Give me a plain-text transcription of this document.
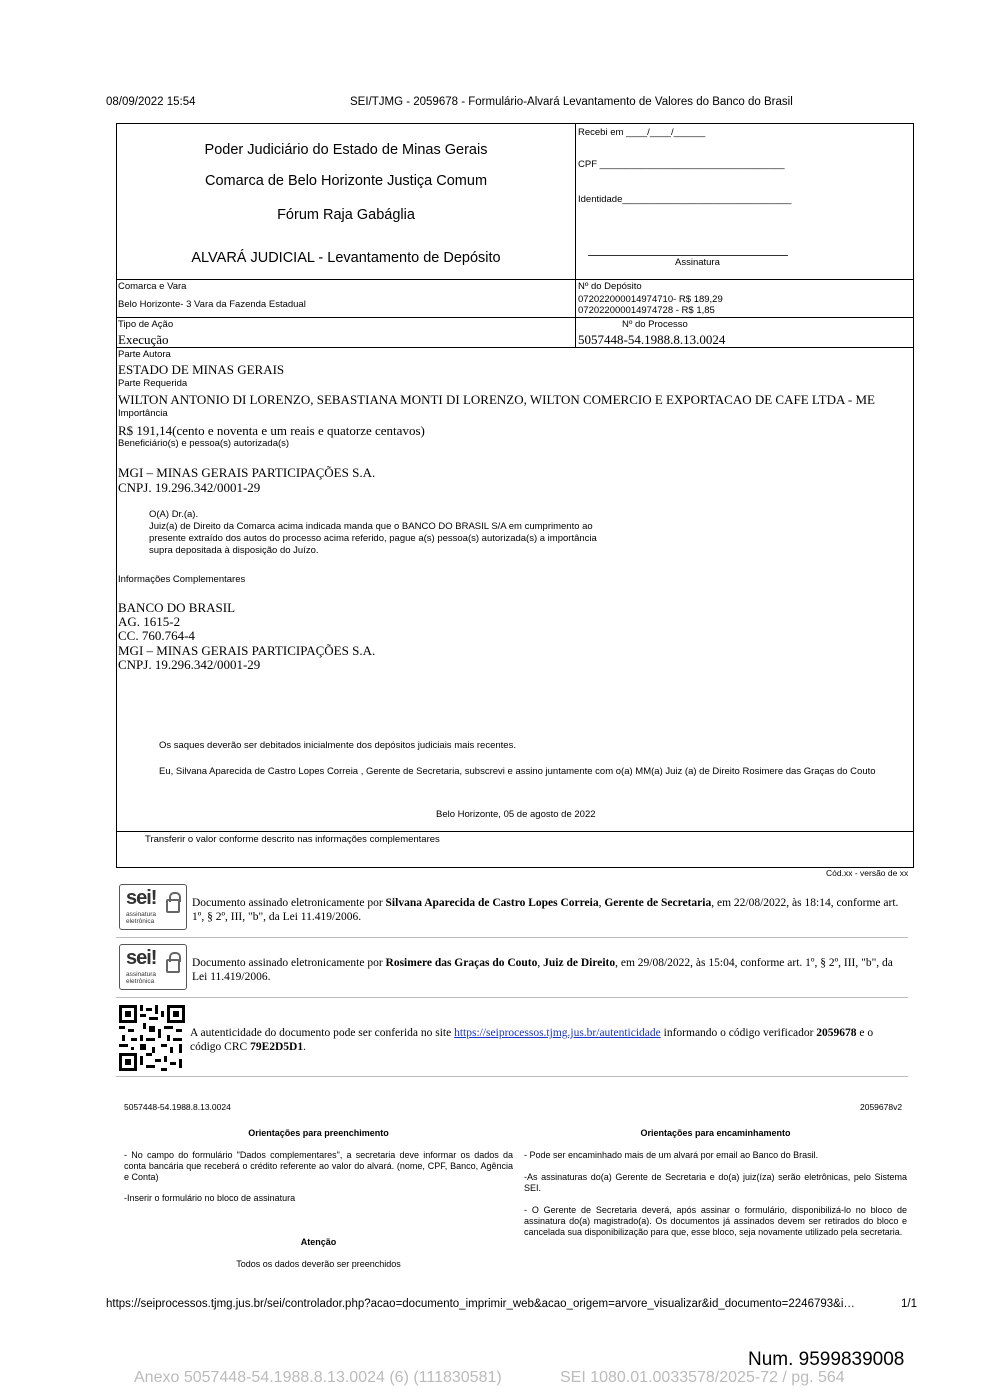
08/09/2022 15:54	SEI/TJMG - 2059678 - Formulário-Alvará Levantamento de Valores do Banco do Brasil
Poder Judiciário do Estado de Minas Gerais
Comarca de Belo Horizonte Justiça Comum
Fórum Raja Gabáglia
ALVARÁ JUDICIAL - Levantamento de Depósito
Recebi em ____/____/______
CPF ___________________________________
Identidade________________________________
Assinatura
Comarca e Vara
Belo Horizonte- 3 Vara da Fazenda Estadual
Nº do Depósito
072022000014974710- R$ 189,29
072022000014974728 - R$ 1,85
Tipo de Ação
Execução
Nº do Processo
5057448-54.1988.8.13.0024
Parte Autora
ESTADO DE MINAS GERAIS
Parte Requerida
WILTON ANTONIO DI LORENZO, SEBASTIANA MONTI DI LORENZO, WILTON COMERCIO E EXPORTACAO DE CAFE LTDA - ME
Importância
R$ 191,14(cento e noventa e um reais e quatorze centavos)
Beneficiário(s) e pessoa(s) autorizada(s)
MGI – MINAS GERAIS PARTICIPAÇÕES S.A.
CNPJ. 19.296.342/0001-29
O(A) Dr.(a).
Juiz(a) de Direito da Comarca acima indicada manda que o BANCO DO BRASIL S/A em cumprimento ao
presente extraído dos autos do processo acima referido, pague a(s) pessoa(s) autorizada(s) a importância
supra depositada à disposição do Juízo.
Informações Complementares
BANCO DO BRASIL
AG. 1615-2
CC. 760.764-4
MGI – MINAS GERAIS PARTICIPAÇÕES S.A.
CNPJ. 19.296.342/0001-29
Os saques deverão ser debitados inicialmente dos depósitos judiciais mais recentes.
Eu, Silvana Aparecida de Castro Lopes Correia , Gerente de Secretaria, subscrevi e assino juntamente com o(a) MM(a) Juiz (a) de Direito Rosimere das Graças do Couto
Belo Horizonte, 05 de agosto de 2022
Transferir o valor conforme descrito nas informações complementares
Cód.xx - versão de xx
sei!
assinatura
eletrônica
Documento assinado eletronicamente por Silvana Aparecida de Castro Lopes Correia, Gerente de Secretaria, em 22/08/2022, às 18:14, conforme art.
1º, § 2º, III, "b", da Lei 11.419/2006.
sei!
assinatura
eletrônica
Documento assinado eletronicamente por Rosimere das Graças do Couto, Juiz de Direito, em 29/08/2022, às 15:04, conforme art. 1º, § 2º, III, "b", da
Lei 11.419/2006.
A autenticidade do documento pode ser conferida no site https://seiprocessos.tjmg.jus.br/autenticidade informando o código verificador 2059678 e o
código CRC 79E2D5D1.
5057448-54.1988.8.13.0024	2059678v2
Orientações para preenchimento
- No campo do formulário "Dados complementares", a secretaria deve informar os dados da conta bancária que receberá o crédito referente ao valor do alvará. (nome, CPF, Banco, Agência e Conta)
-Inserir o formulário no bloco de assinatura
Atenção
Todos os dados deverão ser preenchidos
Orientações para encaminhamento
- Pode ser encaminhado mais de um alvará por email ao Banco do Brasil.
-As assinaturas do(a) Gerente de Secretaria e do(a) juiz(íza) serão eletrônicas, pelo Sistema SEI.
- O Gerente de Secretaria deverá, após assinar o formulário, disponibilizá-lo no bloco de assinatura do(a) magistrado(a). Os documentos já assinados devem ser retirados do bloco e cancelada sua disponibilização para que, esse bloco, seja novamente utilizado pela secretaria.
https://seiprocessos.tjmg.jus.br/sei/controlador.php?acao=documento_imprimir_web&acao_origem=arvore_visualizar&id_documento=2246793&i…	1/1
Num. 9599839008
Anexo 5057448-54.1988.8.13.0024 (6) (111830581)	SEI 1080.01.0033578/2025-72 / pg. 564
